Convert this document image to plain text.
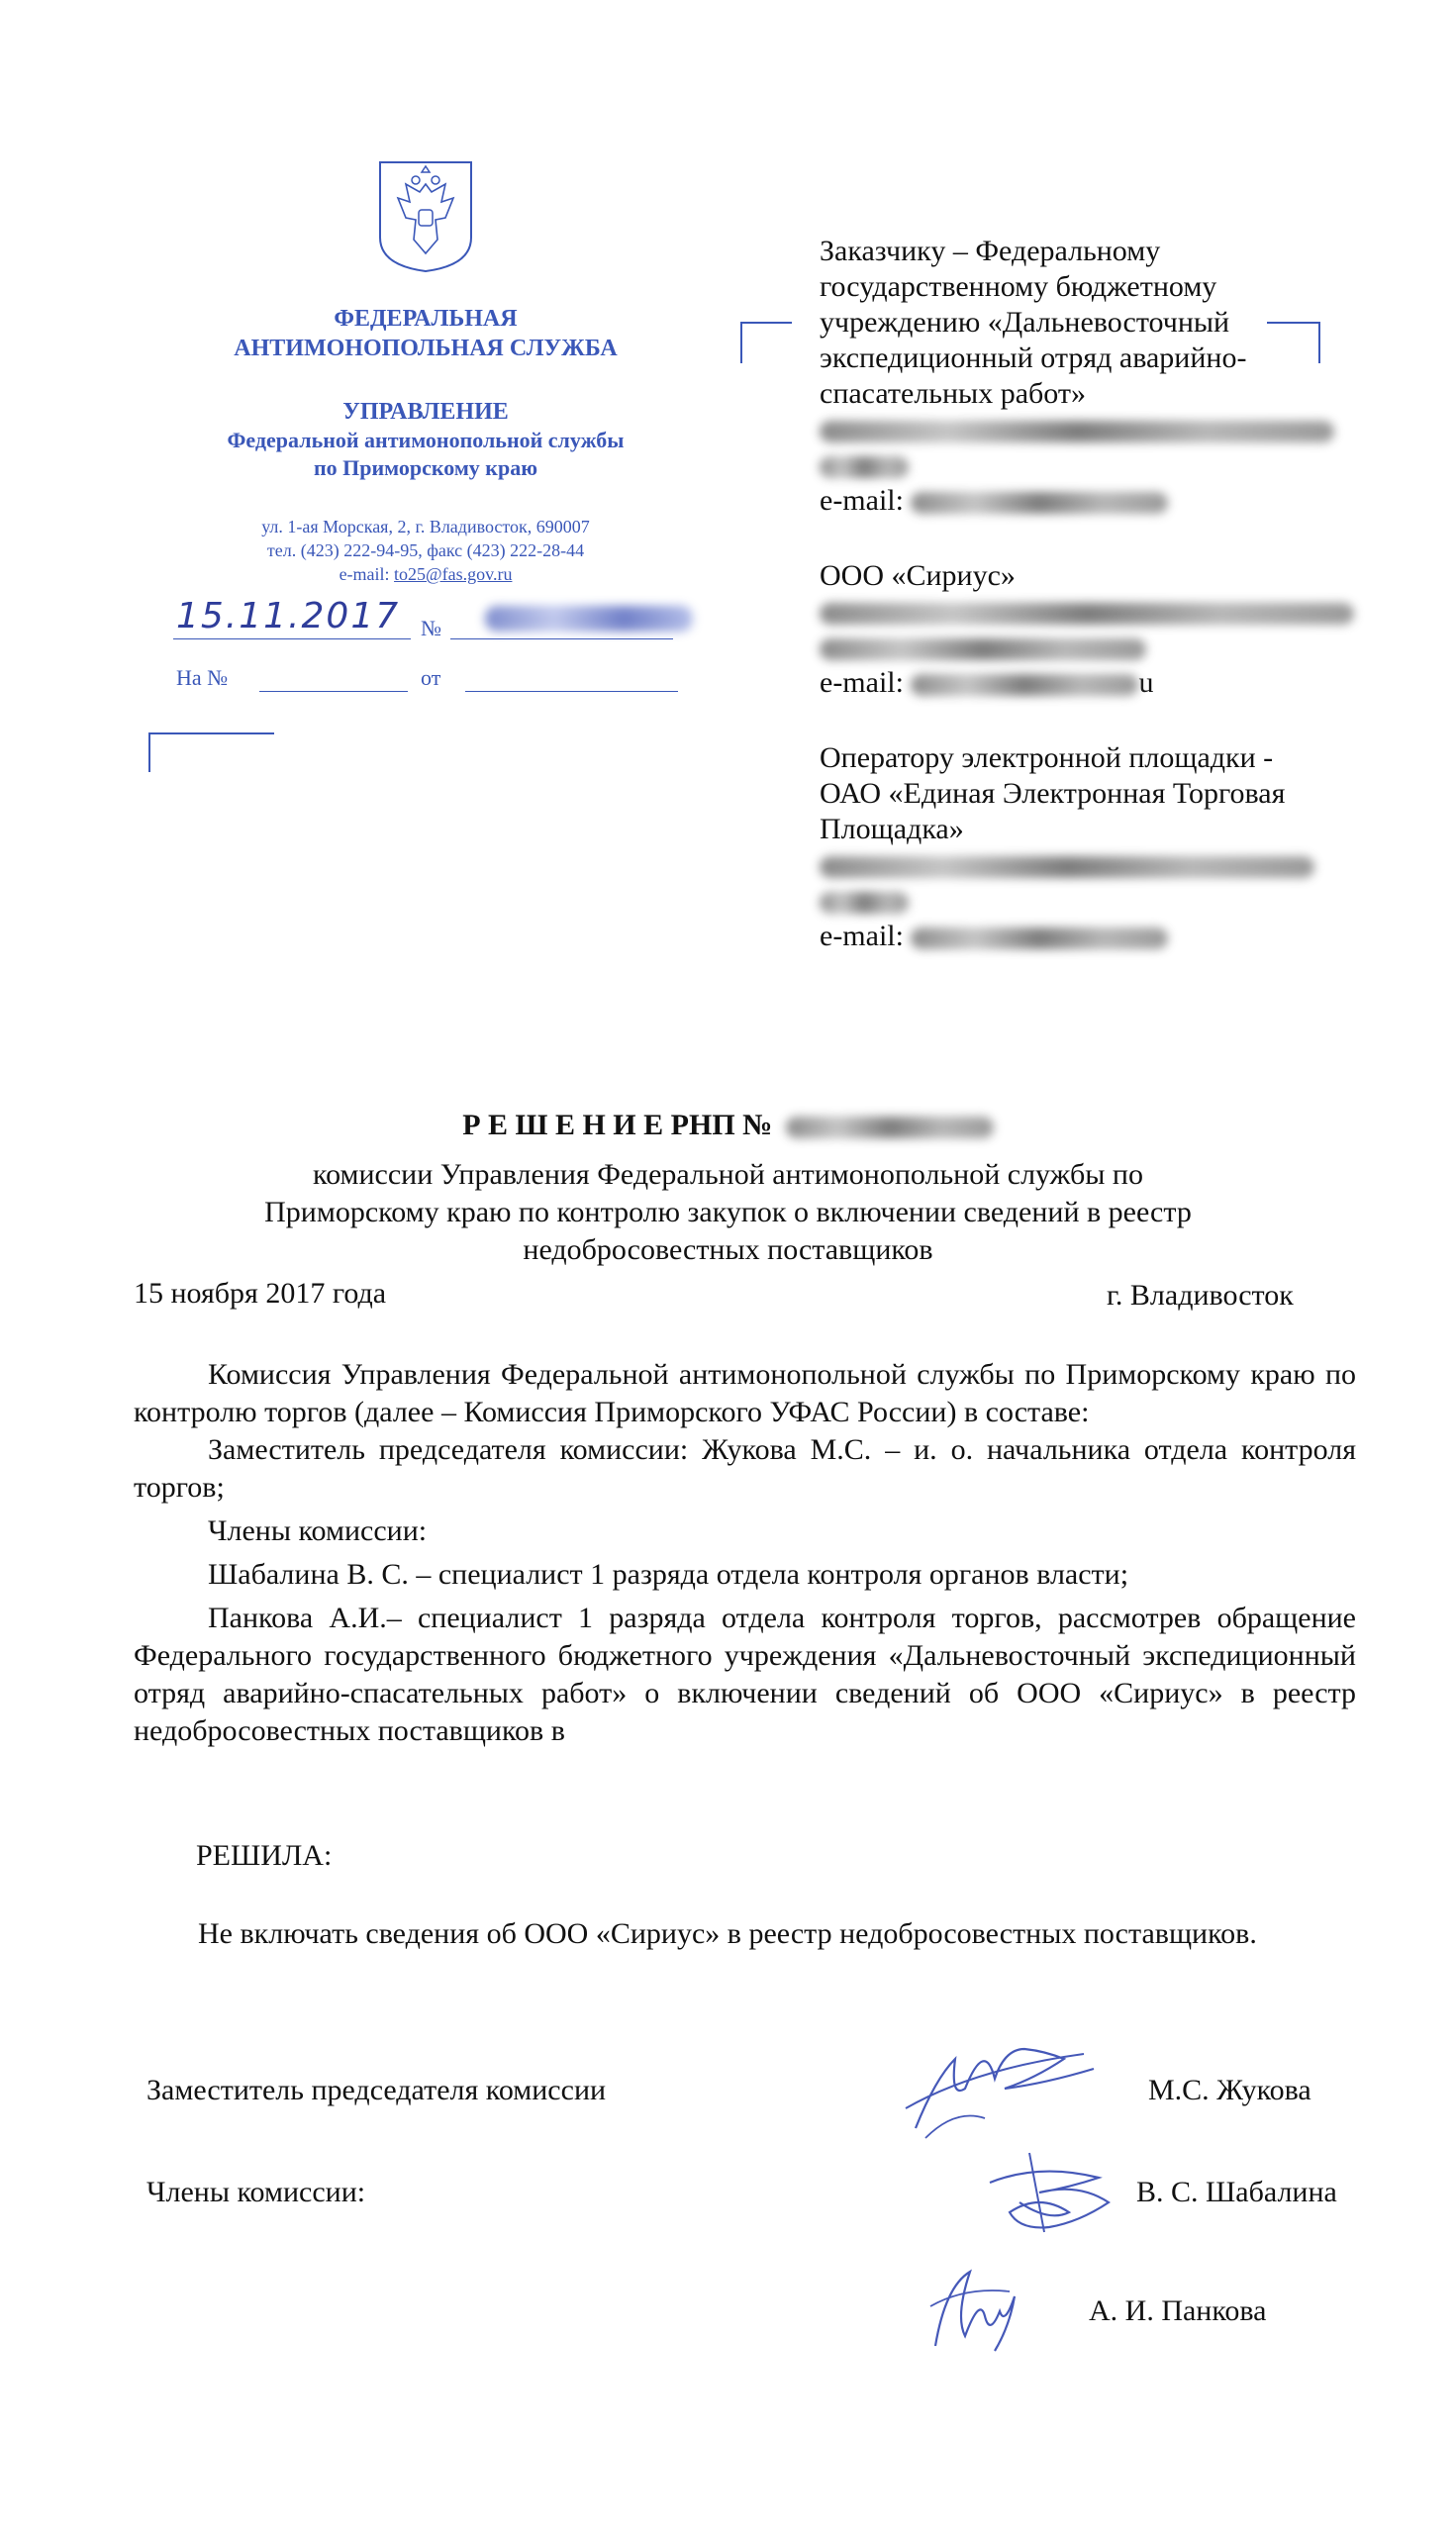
ФЕДЕРАЛЬНАЯ
АНТИМОНОПОЛЬНАЯ СЛУЖБА
УПРАВЛЕНИЕ
Федеральной антимонопольной службы
по Приморскому краю
ул. 1-ая Морская, 2, г. Владивосток, 690007
тел. (423) 222-94-95, факс (423) 222-28-44
e-mail: to25@fas.gov.ru
15.11.2017 №
На №	от
Заказчику – Федеральному
государственному бюджетному
учреждению «Дальневосточный
экспедиционный отряд аварийно-
спасательных работ»
e-mail:
ООО «Сириус»
e-mail:	u
Оператору электронной площадки -
ОАО «Единая Электронная Торговая
Площадка»
e-mail:
Р Е Ш Е Н И Е РНП №
комиссии Управления Федеральной антимонопольной службы по
Приморскому краю по контролю закупок о включении сведений в реестр
недобросовестных поставщиков
15 ноября 2017 года	г. Владивосток
Комиссия Управления Федеральной антимонопольной службы по Приморскому краю по контролю торгов (далее – Комиссия Приморского УФАС России) в составе:
Заместитель председателя комиссии: Жукова М.С. – и. о. начальника отдела контроля торгов;
Члены комиссии:
Шабалина В. С. – специалист 1 разряда отдела контроля органов власти;
Панкова А.И.– специалист 1 разряда отдела контроля торгов, рассмотрев обращение Федерального государственного бюджетного учреждения «Дальневосточный экспедиционный отряд аварийно-спасательных работ» о включении сведений об ООО «Сириус» в реестр недобросовестных поставщиков в
РЕШИЛА:
Не включать сведения об ООО «Сириус» в реестр недобросовестных поставщиков.
Заместитель председателя комиссии	М.С. Жукова
Члены комиссии:	В. С. Шабалина
А. И. Панкова
